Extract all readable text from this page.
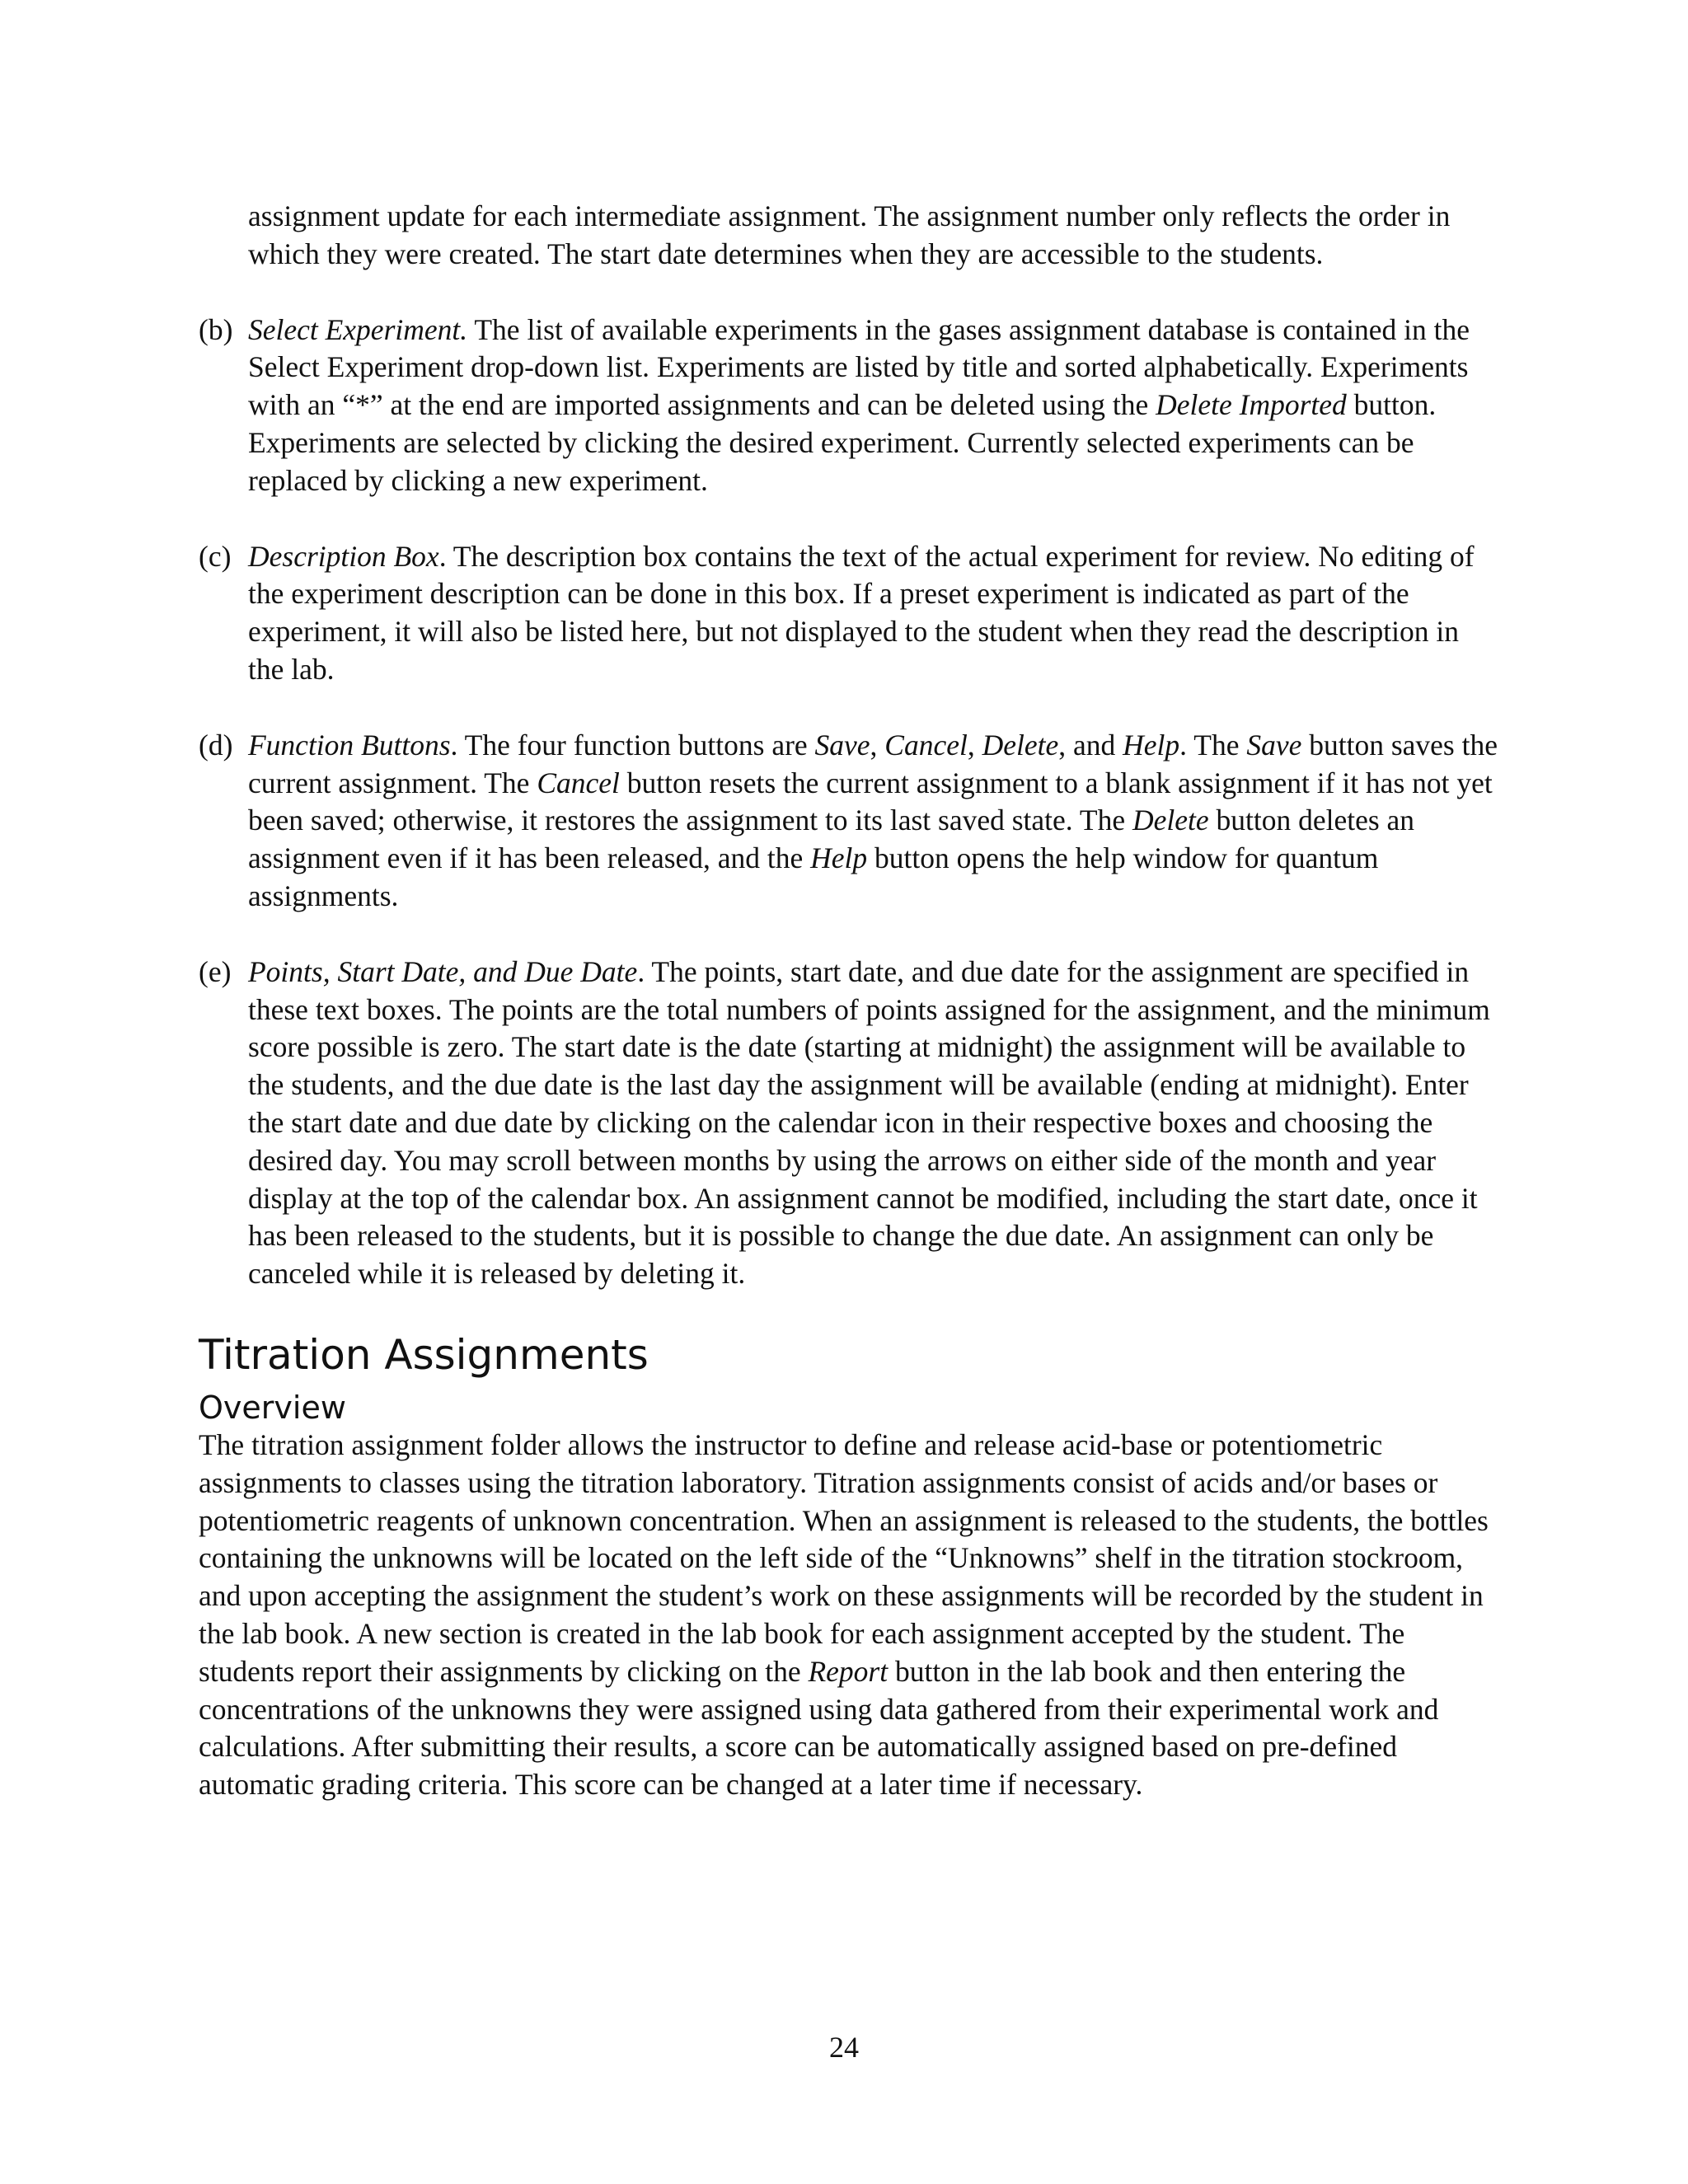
assignment update for each intermediate assignment. The assignment number only reflects the order in which they were created. The start date determines when they are accessible to the students.

(b) Select Experiment. The list of available experiments in the gases assignment database is contained in the Select Experiment drop-down list. Experiments are listed by title and sorted alphabetically. Experiments with an “*” at the end are imported assignments and can be deleted using the Delete Imported button. Experiments are selected by clicking the desired experiment. Currently selected experiments can be replaced by clicking a new experiment.

(c) Description Box. The description box contains the text of the actual experiment for review. No editing of the experiment description can be done in this box. If a preset experiment is indicated as part of the experiment, it will also be listed here, but not displayed to the student when they read the description in the lab.

(d) Function Buttons. The four function buttons are Save, Cancel, Delete, and Help. The Save button saves the current assignment. The Cancel button resets the current assignment to a blank assignment if it has not yet been saved; otherwise, it restores the assignment to its last saved state. The Delete button deletes an assignment even if it has been released, and the Help button opens the help window for quantum assignments.

(e) Points, Start Date, and Due Date. The points, start date, and due date for the assignment are specified in these text boxes. The points are the total numbers of points assigned for the assignment, and the minimum score possible is zero. The start date is the date (starting at midnight) the assignment will be available to the students, and the due date is the last day the assignment will be available (ending at midnight). Enter the start date and due date by clicking on the calendar icon in their respective boxes and choosing the desired day. You may scroll between months by using the arrows on either side of the month and year display at the top of the calendar box. An assignment cannot be modified, including the start date, once it has been released to the students, but it is possible to change the due date. An assignment can only be canceled while it is released by deleting it.

Titration Assignments
Overview

The titration assignment folder allows the instructor to define and release acid-base or potentiometric assignments to classes using the titration laboratory. Titration assignments consist of acids and/or bases or potentiometric reagents of unknown concentration. When an assignment is released to the students, the bottles containing the unknowns will be located on the left side of the “Unknowns” shelf in the titration stockroom, and upon accepting the assignment the student’s work on these assignments will be recorded by the student in the lab book. A new section is created in the lab book for each assignment accepted by the student. The students report their assignments by clicking on the Report button in the lab book and then entering the concentrations of the unknowns they were assigned using data gathered from their experimental work and calculations. After submitting their results, a score can be automatically assigned based on pre-defined automatic grading criteria. This score can be changed at a later time if necessary.

24
